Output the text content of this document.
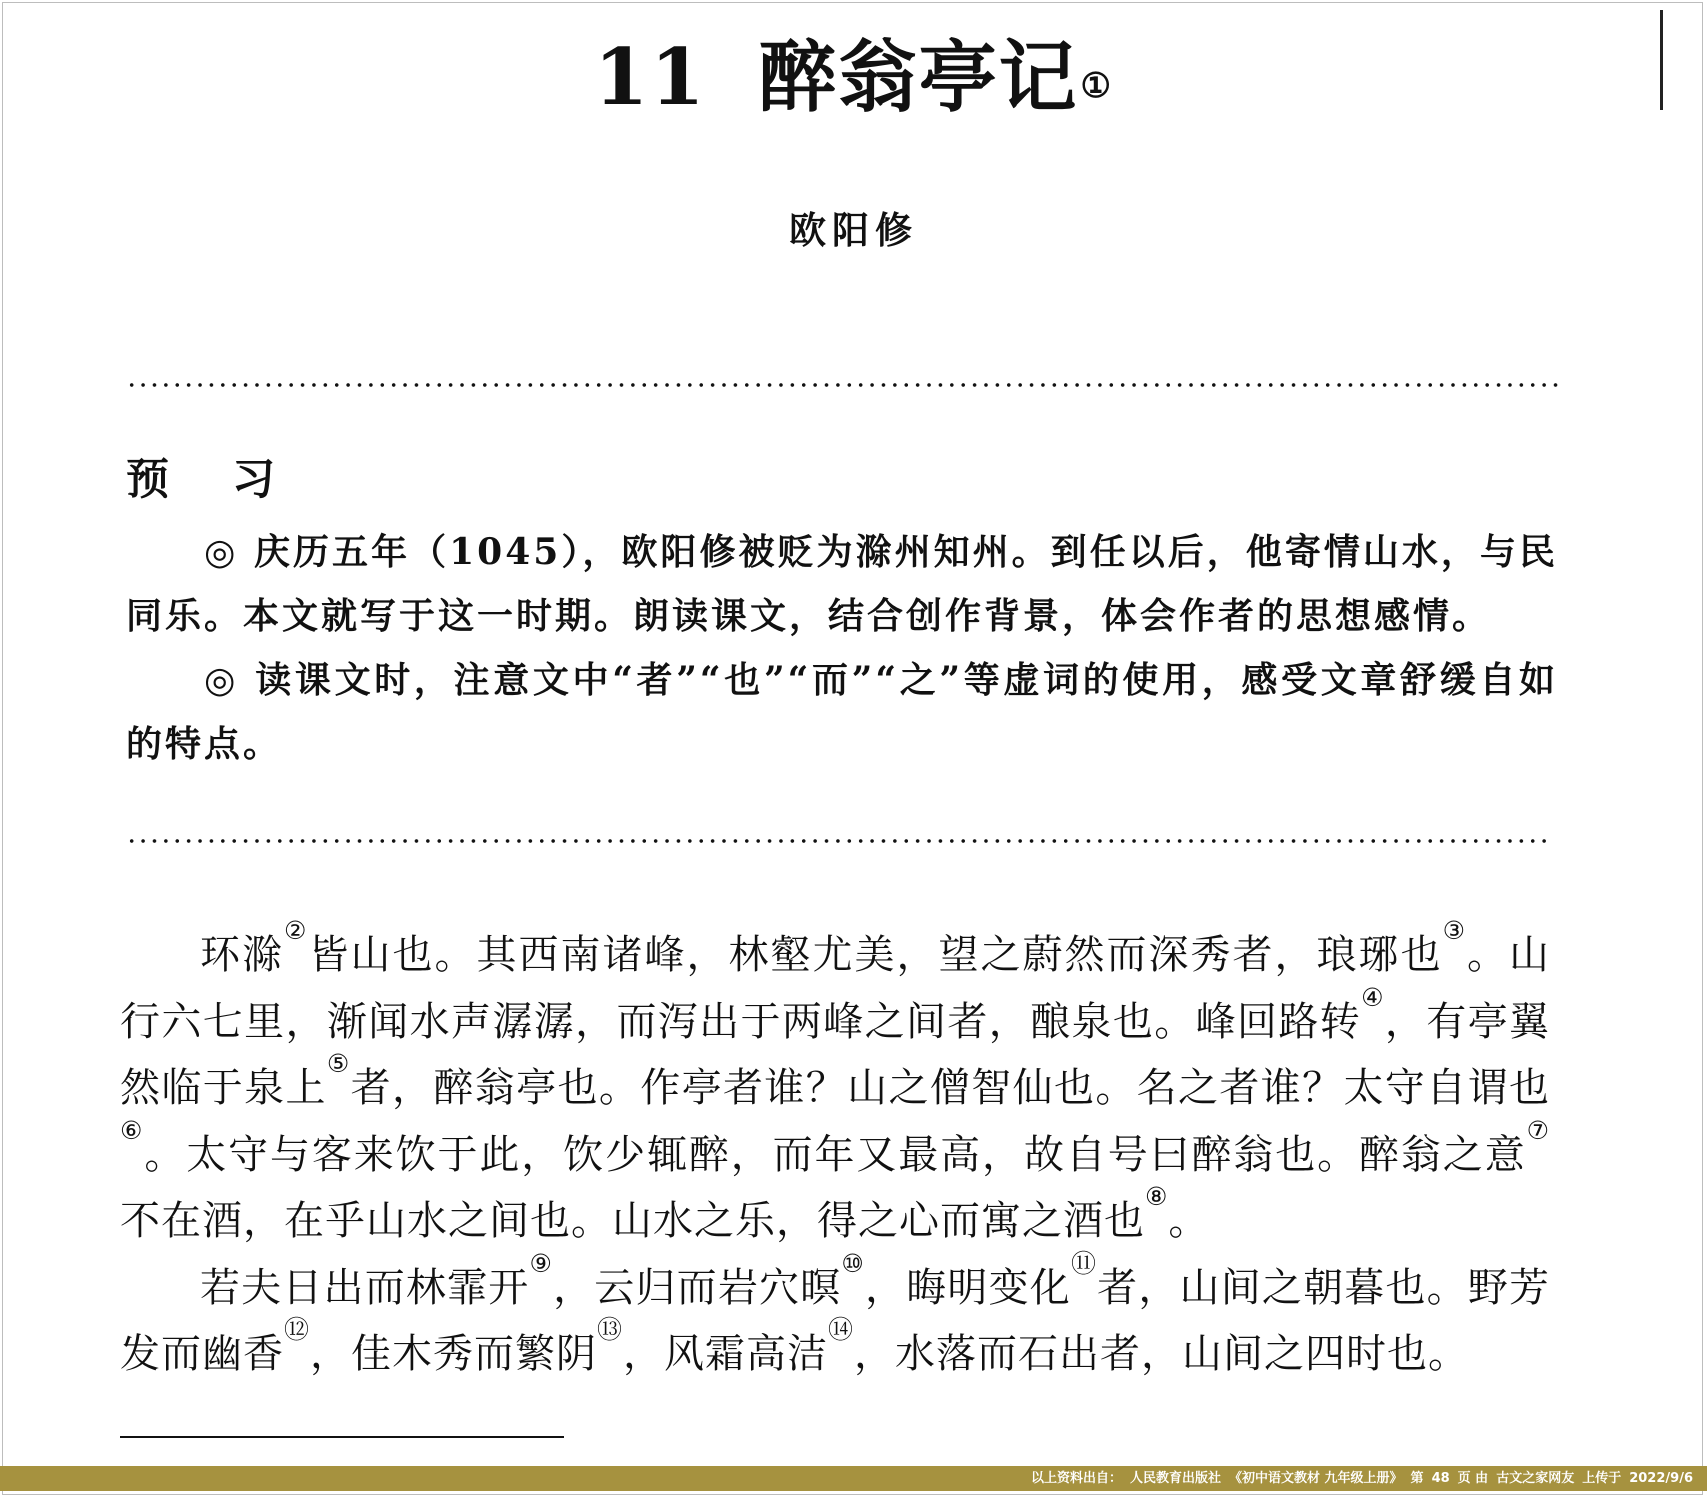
11 醉翁亭记①
欧阳修
预 习

◎ 庆历五年（1045），欧阳修被贬为滁州知州。到任以后，他寄情山水，与民同乐。本文就写于这一时期。朗读课文，结合创作背景，体会作者的思想感情。

◎ 读课文时，注意文中“者”“也”“而”“之”等虚词的使用，感受文章舒缓自如的特点。

环滁②皆山也。其西南诸峰，林壑尤美，望之蔚然而深秀者，琅琊也③。山行六七里，渐闻水声潺潺，而泻出于两峰之间者，酿泉也。峰回路转④，有亭翼然临于泉上⑤者，醉翁亭也。作亭者谁？山之僧智仙也。名之者谁？太守自谓也⑥。太守与客来饮于此，饮少辄醉，而年又最高，故自号曰醉翁也。醉翁之意⑦不在酒，在乎山水之间也。山水之乐，得之心而寓之酒也⑧。

若夫日出而林霏开⑨，云归而岩穴暝⑩，晦明变化⑪者，山间之朝暮也。野芳发而幽香⑫，佳木秀而繁阴⑬，风霜高洁⑭，水落而石出者，山间之四时也。

以上资料出自： 人民教育出版社 《初中语文教材 九年级上册》 第 48 页 由 古文之家网友 上传于 2022/9/6
